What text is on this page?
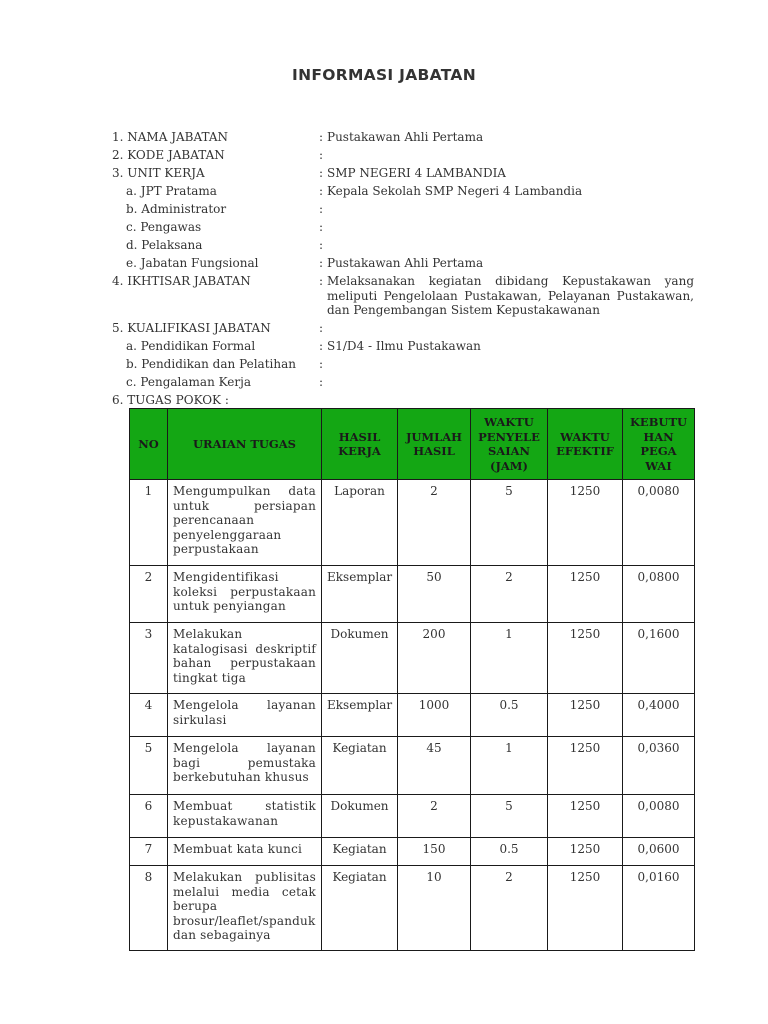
INFORMASI JABATAN
1. NAMA JABATAN	: Pustakawan Ahli Pertama
2. KODE JABATAN	:
3. UNIT KERJA	: SMP NEGERI 4 LAMBANDIA
a. JPT Pratama	: Kepala Sekolah SMP Negeri 4 Lambandia
b. Administrator	:
c. Pengawas	:
d. Pelaksana	:
e. Jabatan Fungsional	: Pustakawan Ahli Pertama
4. IKHTISAR JABATAN	: Melaksanakan kegiatan dibidang Kepustakawan yang meliputi Pengelolaan Pustakawan, Pelayanan Pustakawan, dan Pengembangan Sistem Kepustakawanan
5. KUALIFIKASI JABATAN	:
a. Pendidikan Formal	: S1/D4 - Ilmu Pustakawan
b. Pendidikan dan Pelatihan	:
c. Pengalaman Kerja	:
6. TUGAS POKOK :
NO	URAIAN TUGAS	HASIL KERJA	JUMLAH HASIL	WAKTU PENYELE SAIAN (JAM)	WAKTU EFEKTIF	KEBUTU HAN PEGA WAI
1	Mengumpulkan data untuk persiapan perencanaan penyelenggaraan perpustakaan	Laporan	2	5	1250	0,0080
2	Mengidentifikasi koleksi perpustakaan untuk penyiangan	Eksemplar	50	2	1250	0,0800
3	Melakukan katalogisasi deskriptif bahan perpustakaan tingkat tiga	Dokumen	200	1	1250	0,1600
4	Mengelola layanan sirkulasi	Eksemplar	1000	0.5	1250	0,4000
5	Mengelola layanan bagi pemustaka berkebutuhan khusus	Kegiatan	45	1	1250	0,0360
6	Membuat statistik kepustakawanan	Dokumen	2	5	1250	0,0080
7	Membuat kata kunci	Kegiatan	150	0.5	1250	0,0600
8	Melakukan publisitas melalui media cetak berupa brosur/leaflet/spanduk dan sebagainya	Kegiatan	10	2	1250	0,0160
